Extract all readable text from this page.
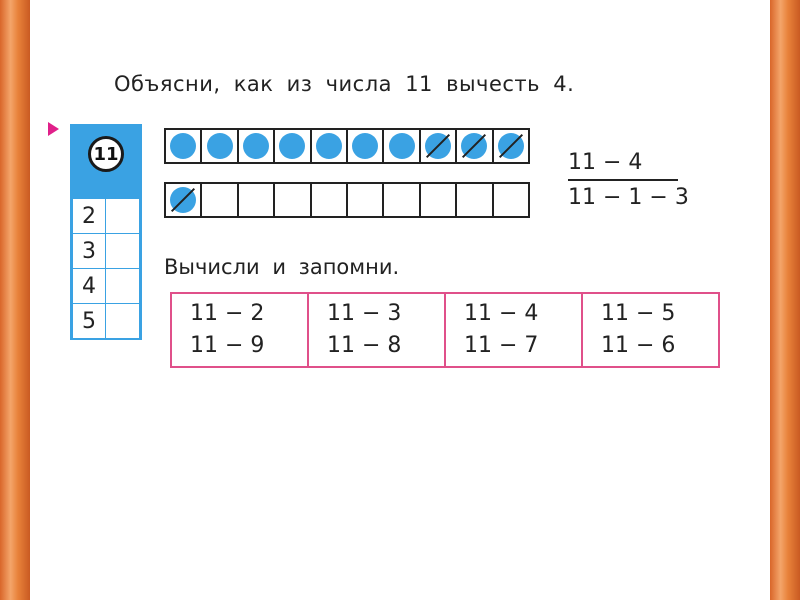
Объясни, как из числа 11 вычесть 4.
11
2
3
4
5
11 − 4
11 − 1 − 3
Вычисли и запомни.
11 − 2
11 − 9
11 − 3
11 − 8
11 − 4
11 − 7
11 − 5
11 − 6
